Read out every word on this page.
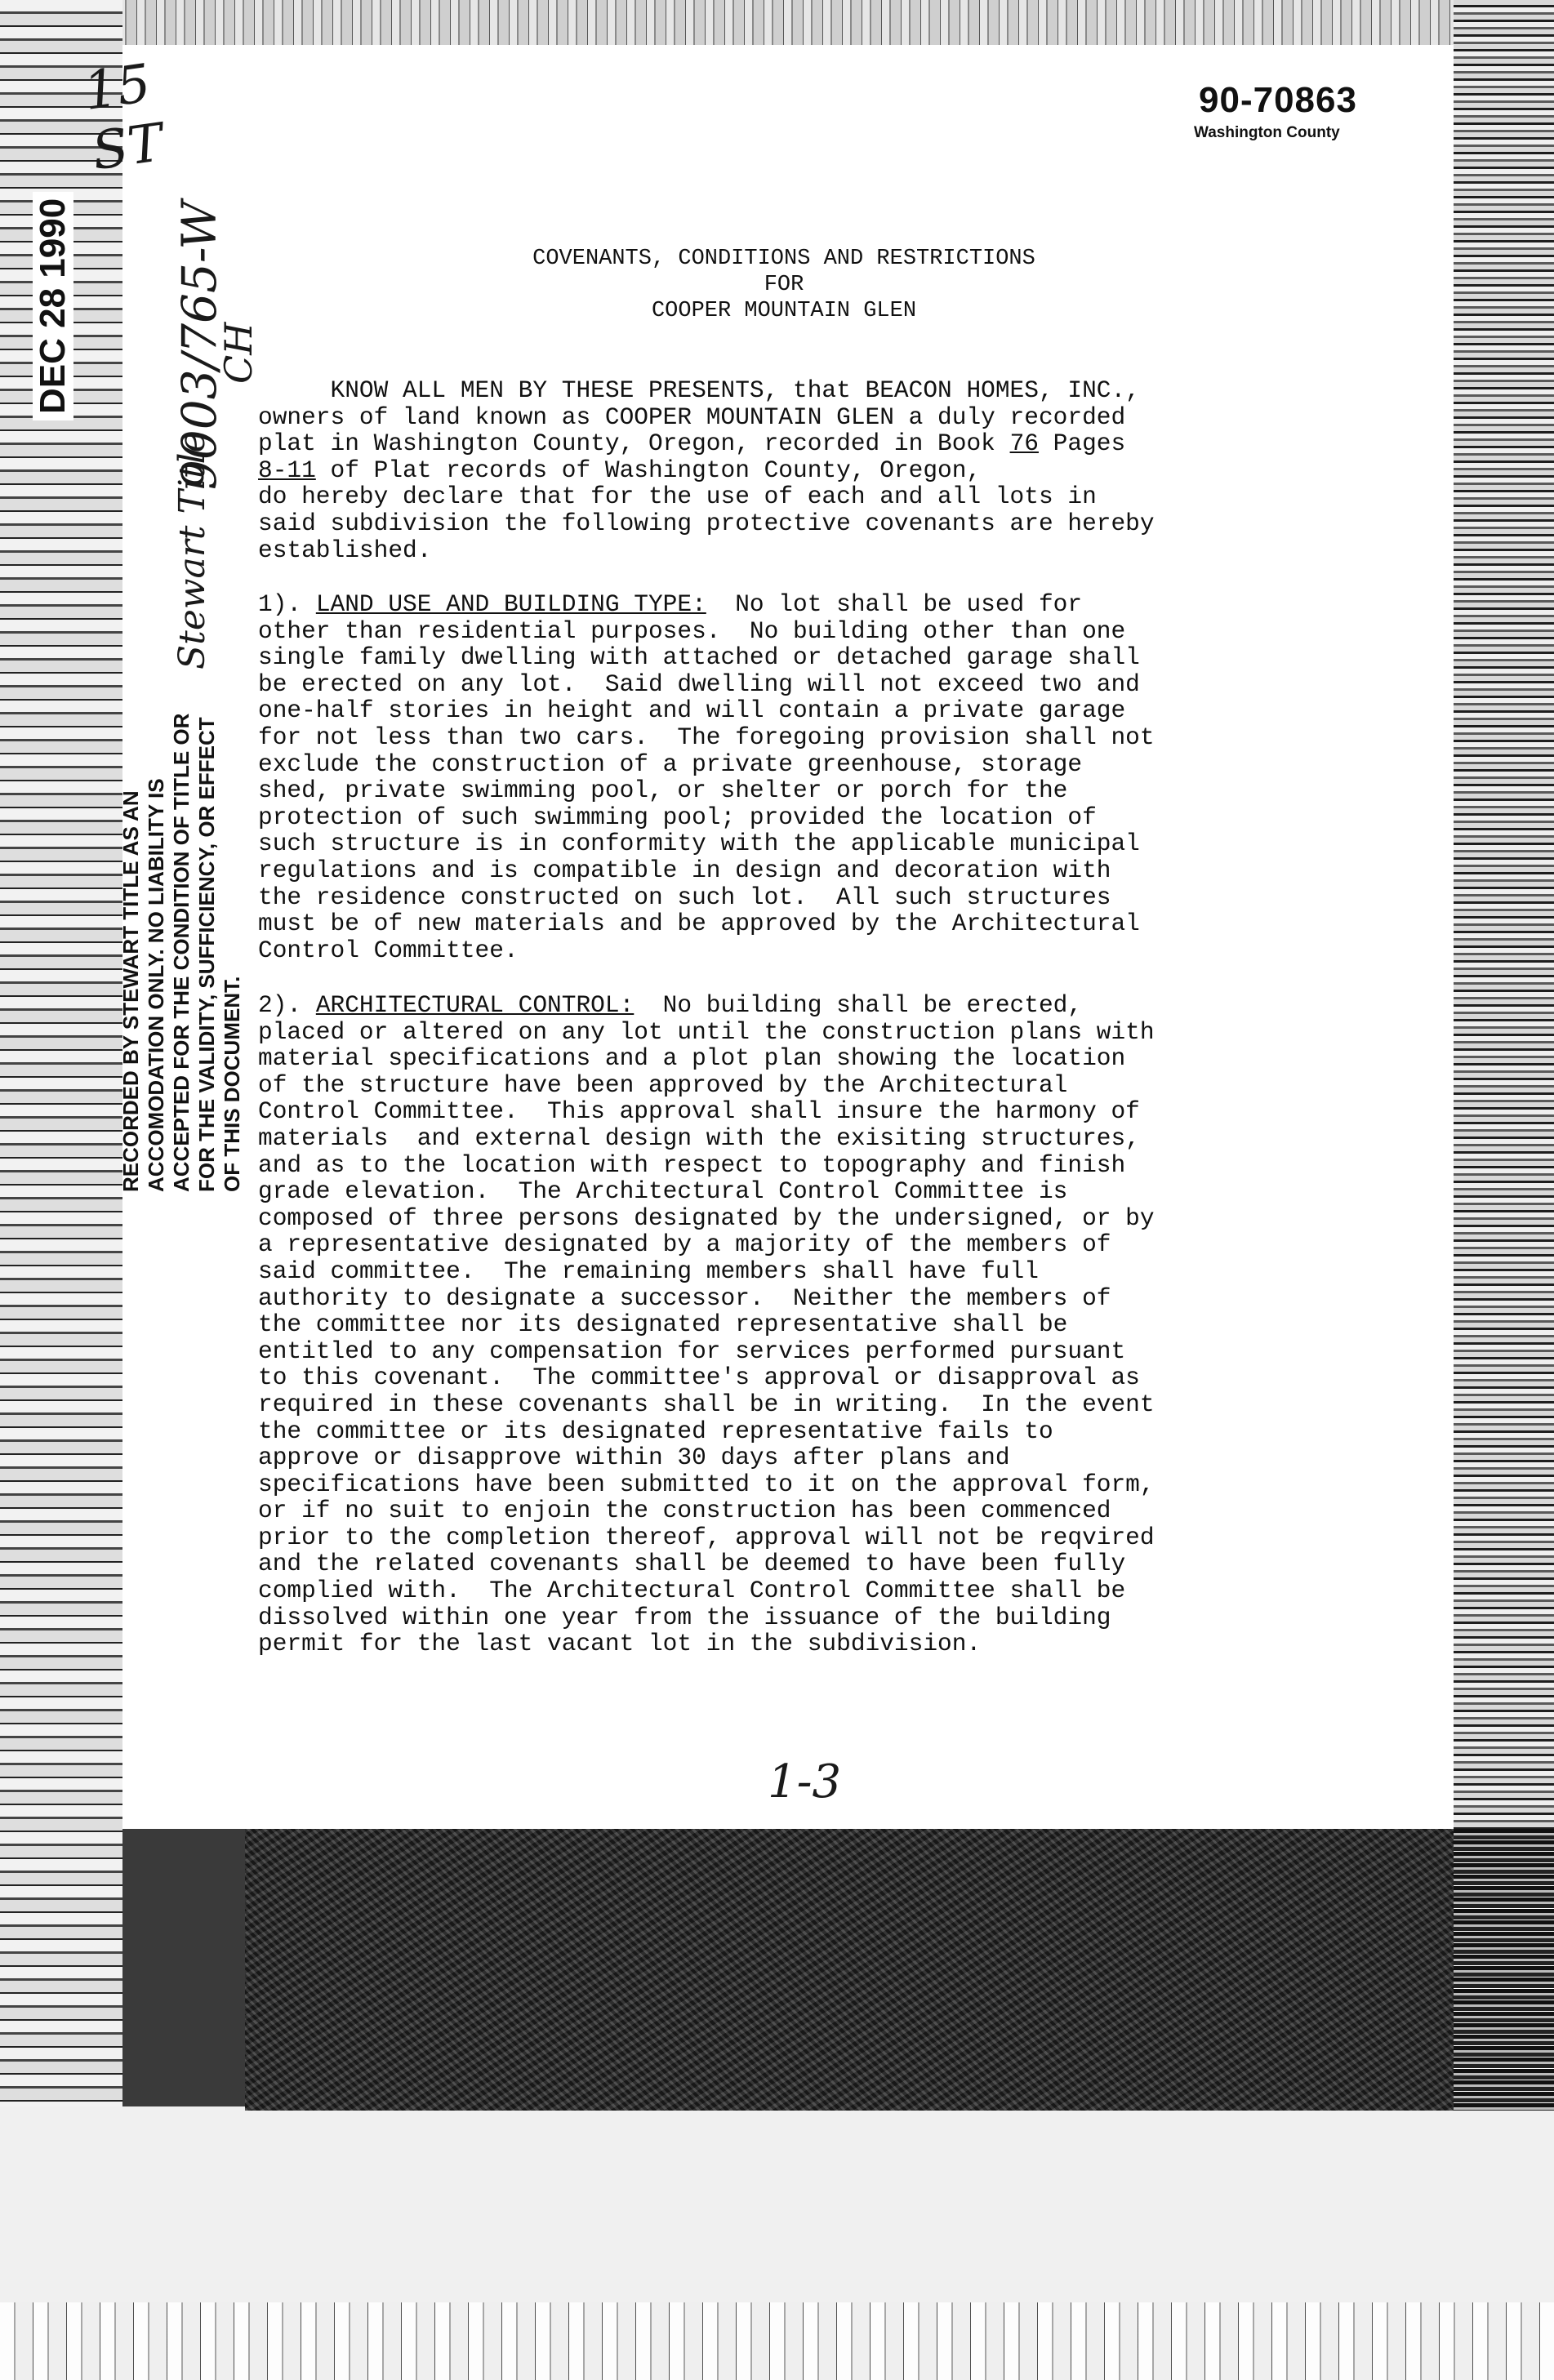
DEC 28 1990
90-70863
Washington County
15
ST
9003/765-W
CH
Stewart Title
1-3
RECORDED BY STEWART TITLE AS AN ACCOMODATION ONLY. NO LIABILITY IS ACCEPTED FOR THE CONDITION OF TITLE OR FOR THE VALIDITY, SUFFICIENCY, OR EFFECT OF THIS DOCUMENT.
COVENANTS, CONDITIONS AND RESTRICTIONS
FOR
COOPER MOUNTAIN GLEN
KNOW ALL MEN BY THESE PRESENTS, that BEACON HOMES, INC.,
owners of land known as COOPER MOUNTAIN GLEN a duly recorded
plat in Washington County, Oregon, recorded in Book 76 Pages
8-11 of Plat records of Washington County, Oregon,
do hereby declare that for the use of each and all lots in
said subdivision the following protective covenants are hereby
established.
1). LAND USE AND BUILDING TYPE:  No lot shall be used for
other than residential purposes.  No building other than one
single family dwelling with attached or detached garage shall
be erected on any lot.  Said dwelling will not exceed two and
one-half stories in height and will contain a private garage
for not less than two cars.  The foregoing provision shall not
exclude the construction of a private greenhouse, storage
shed, private swimming pool, or shelter or porch for the
protection of such swimming pool; provided the location of
such structure is in conformity with the applicable municipal
regulations and is compatible in design and decoration with
the residence constructed on such lot.  All such structures
must be of new materials and be approved by the Architectural
Control Committee.
2). ARCHITECTURAL CONTROL:  No building shall be erected,
placed or altered on any lot until the construction plans with
material specifications and a plot plan showing the location
of the structure have been approved by the Architectural
Control Committee.  This approval shall insure the harmony of
materials  and external design with the exisiting structures,
and as to the location with respect to topography and finish
grade elevation.  The Architectural Control Committee is
composed of three persons designated by the undersigned, or by
a representative designated by a majority of the members of
said committee.  The remaining members shall have full
authority to designate a successor.  Neither the members of
the committee nor its designated representative shall be
entitled to any compensation for services performed pursuant
to this covenant.  The committee's approval or disapproval as
required in these covenants shall be in writing.  In the event
the committee or its designated representative fails to
approve or disapprove within 30 days after plans and
specifications have been submitted to it on the approval form,
or if no suit to enjoin the construction has been commenced
prior to the completion thereof, approval will not be reqvired
and the related covenants shall be deemed to have been fully
complied with.  The Architectural Control Committee shall be
dissolved within one year from the issuance of the building
permit for the last vacant lot in the subdivision.
